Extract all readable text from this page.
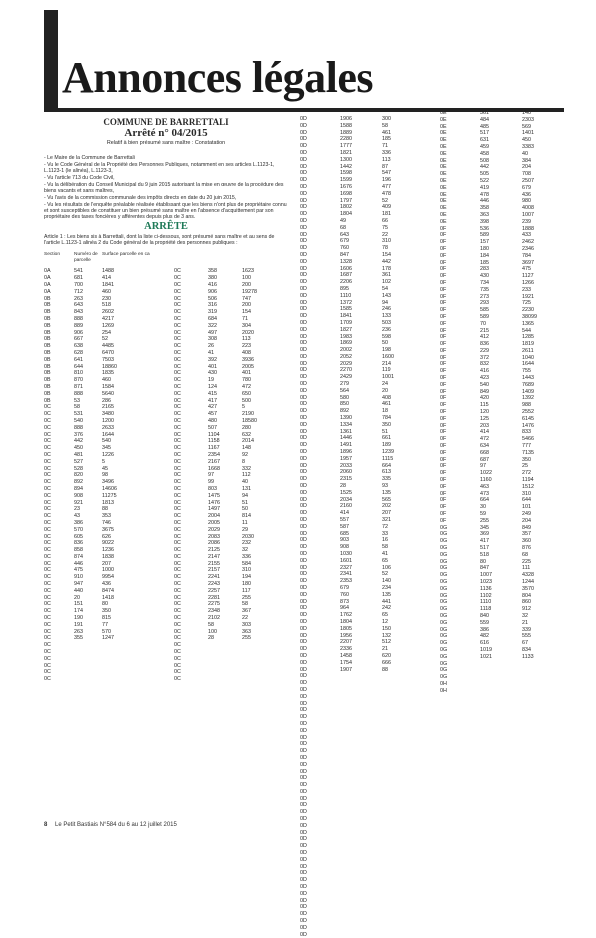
Annonces légales
COMMUNE DE BARRETTALI
Arrêté n° 04/2015
Relatif à bien présumé sans maître : Constatation

- Le Maire de la Commune de Barrettali

- Vu le Code Général de la Propriété des Personnes Publiques, notamment en ses articles L.1123-1, L.1123-1 (le alinéa), L.1123-3,

- Vu l'article 713 du Code Civil,

- Vu la délibération du Conseil Municipal du 9 juin 2015 autorisant la mise en œuvre de la procédure des biens vacants et sans maîtres,

- Vu l'avis de la commission communale des impôts directs en date du 20 juin 2015,

- Vu les résultats de l'enquête préalable réalisée établissant que les biens n'ont plus de propriétaire connu et sont susceptibles de constituer un bien présumé sans maître en l'absence d'acquittement par son propriétaire des taxes foncières y afférentes depuis plus de 3 ans.

ARRÊTE
Article 1 : Les biens sis à Barrettali, dont la liste ci-dessous, sont présumé sans maître et au sens de l'article L.1123-1 alinéa 2 du Code général de la propriété des personnes publiques :
Section	Numéro de parcelle
Surface parcelle en ca
0A
0A
0A
0A
0B
0B
0B
0B
0B
0B
0B
0B
0B
0B
0B
0B
0B
0B
0B
0B
0C
0C
0C
0C
0C
0C
0C
0C
0C
0C
0C
0C
0C
0C
0C
0C
0C
0C
0C
0C
0C
0C
0C
0C
0C
0C
0C
0C
0C
0C
0C
0C
0C
0C
0C
0C
0C
0C
0C
0C
0C
541
681
700
712
263
643
843
888
889
906
667
638
628
641
644
810
870
871
888
53
58
531
540
888
376
442
450
481
527
528
820
892
894
908
921
23
43
386
570
605
836
858
874
446
475
910
947
440
20
151
174
190
191
263
355
1488
414
1841
460
230
518
2602
4217
1269
254
52
4485
6470
7503
18860
1835
460
1584
5640
286
2165
3480
1200
2633
1644
540
345
1226
5
45
98
3496
14606
11275
1813
88
353
746
3675
626
9022
1236
1838
207
1000
9954
436
8474
1418
80
350
815
77
570
1247
0C
0C
0C
0C
0C
0C
0C
0C
0C
0C
0C
0C
0C
0C
0C
0C
0C
0C
0C
0C
0C
0C
0C
0C
0C
0C
0C
0C
0C
0C
0C
0C
0C
0C
0C
0C
0C
0C
0C
0C
0C
0C
0C
0C
0C
0C
0C
0C
0C
0C
0C
0C
0C
0C
0C
0C
0C
0C
0C
0C
0C
358
380
416
906
506
316
319
684
322
497
308
26
41
392
401
430
19
124
415
417
427
457
480
507
1104
1158
1167
2354
2167
1668
97
99
803
1475
1476
1497
2004
2005
2029
2083
2086
2125
2147
2155
2157
2241
2243
2257
2281
2275
2348
2102
58
100
28
1623
100
200
19278
747
200
154
71
304
2020
113
223
408
3936
2005
401
780
472
650
500
5
2190
18580
280
632
2014
148
92
8
332
112
40
131
94
51
50
814
11
29
2030
232
32
336
584
310
194
180
117
255
58
367
22
303
363
255
0D
0D
0D
0D
0D
0D
0D
0D
0D
0D
0D
0D
0D
0D
0D
0D
0D
0D
0D
0D
0D
0D
0D
0D
0D
0D
0D
0D
0D
0D
0D
0D
0D
0D
0D
0D
0D
0D
0D
0D
0D
0D
0D
0D
0D
0D
0D
0D
0D
0D
0D
0D
0D
0D
0D
0D
0D
0D
0D
0D
0D
0D
0D
0D
0D
0D
0D
0D
0D
0D
0D
0D
0D
0D
0D
0D
0D
0D
0D
0D
0D
0D
0D
0D
0D
0D
0D
0D
0D
0D
0D
0D
0D
0D
0D
0D
0D
0D
0D
0D
0D
0D
0D
0D
0D
0D
0D
0D
0D
0D
0D
0D
0D
0D
0D
0D
0D
0D
0D
0D
0D
1906
1588
1889
2280
1777
1821
1300
1442
1598
1599
1676
1698
1797
1802
1804
49
68
643
679
760
847
1328
1606
1687
2206
895
1110
1372
1585
1841
1709
1827
1983
1869
2002
2052
2029
2270
2429
279
564
580
850
892
1390
1334
1361
1446
1491
1896
1957
2033
2060
2315
28
1525
2034
2160
414
557
587
685
903
908
1030
1601
2327
2341
2353
679
760
873
964
1762
1804
1805
1956
2207
2336
1458
1754
1907
300
58
461
185
71
336
113
87
547
196
477
478
52
409
181
66
75
22
310
78
154
442
178
361
102
54
143
94
246
133
503
236
598
50
198
1600
214
119
1001
24
20
408
461
18
784
350
51
661
189
1239
1115
664
613
335
93
135
565
202
207
321
72
33
16
58
41
65
106
52
140
234
135
441
242
65
12
150
132
512
21
620
666
88
0E
0E
0E
0E
0E
0E
0E
0E
0E
0E
0E
0E
0E
0E
0E
0E
0E
0F
0F
0F
0F
0F
0F
0F
0F
0F
0F
0F
0F
0F
0F
0F
0F
0F
0F
0F
0F
0F
0F
0F
0F
0F
0F
0F
0F
0F
0F
0F
0F
0F
0F
0F
0F
0F
0F
0F
0F
0F
0F
0F
0F
0G
0G
0G
0G
0G
0G
0G
0G
0G
0G
0G
0G
0G
0G
0G
0G
0G
0G
0G
0G
0G
0G
0G
0H
0H
361
484
485
517
631
459
458
508
442
505
522
419
478
446
358
363
398
536
589
157
180
184
185
283
430
734
735
273
293
585
589
70
215
412
836
229
372
832
416
423
540
849
420
115
120
125
203
414
472
634
668
687
97
1022
1160
463
473
664
30
59
255
345
369
417
517
518
80
847
1007
1023
1136
1102
1110
1118
840
559
386
482
616
1019
1021
140
2303
569
1401
450
3383
40
384
204
708
2507
679
436
980
4008
1007
239
1888
433
2462
2346
784
3697
475
1127
1266
233
1921
725
2230
38099
1365
544
1285
1819
2611
1040
1644
755
1443
7689
1409
1392
988
2552
6145
1476
833
5466
777
7135
350
25
272
1194
1512
310
644
101
249
204
849
357
360
876
68
225
111
4328
1244
3570
804
860
912
32
21
339
555
67
834
1133
8 Le Petit Bastiais N°584 du 6 au 12 juillet 2015
